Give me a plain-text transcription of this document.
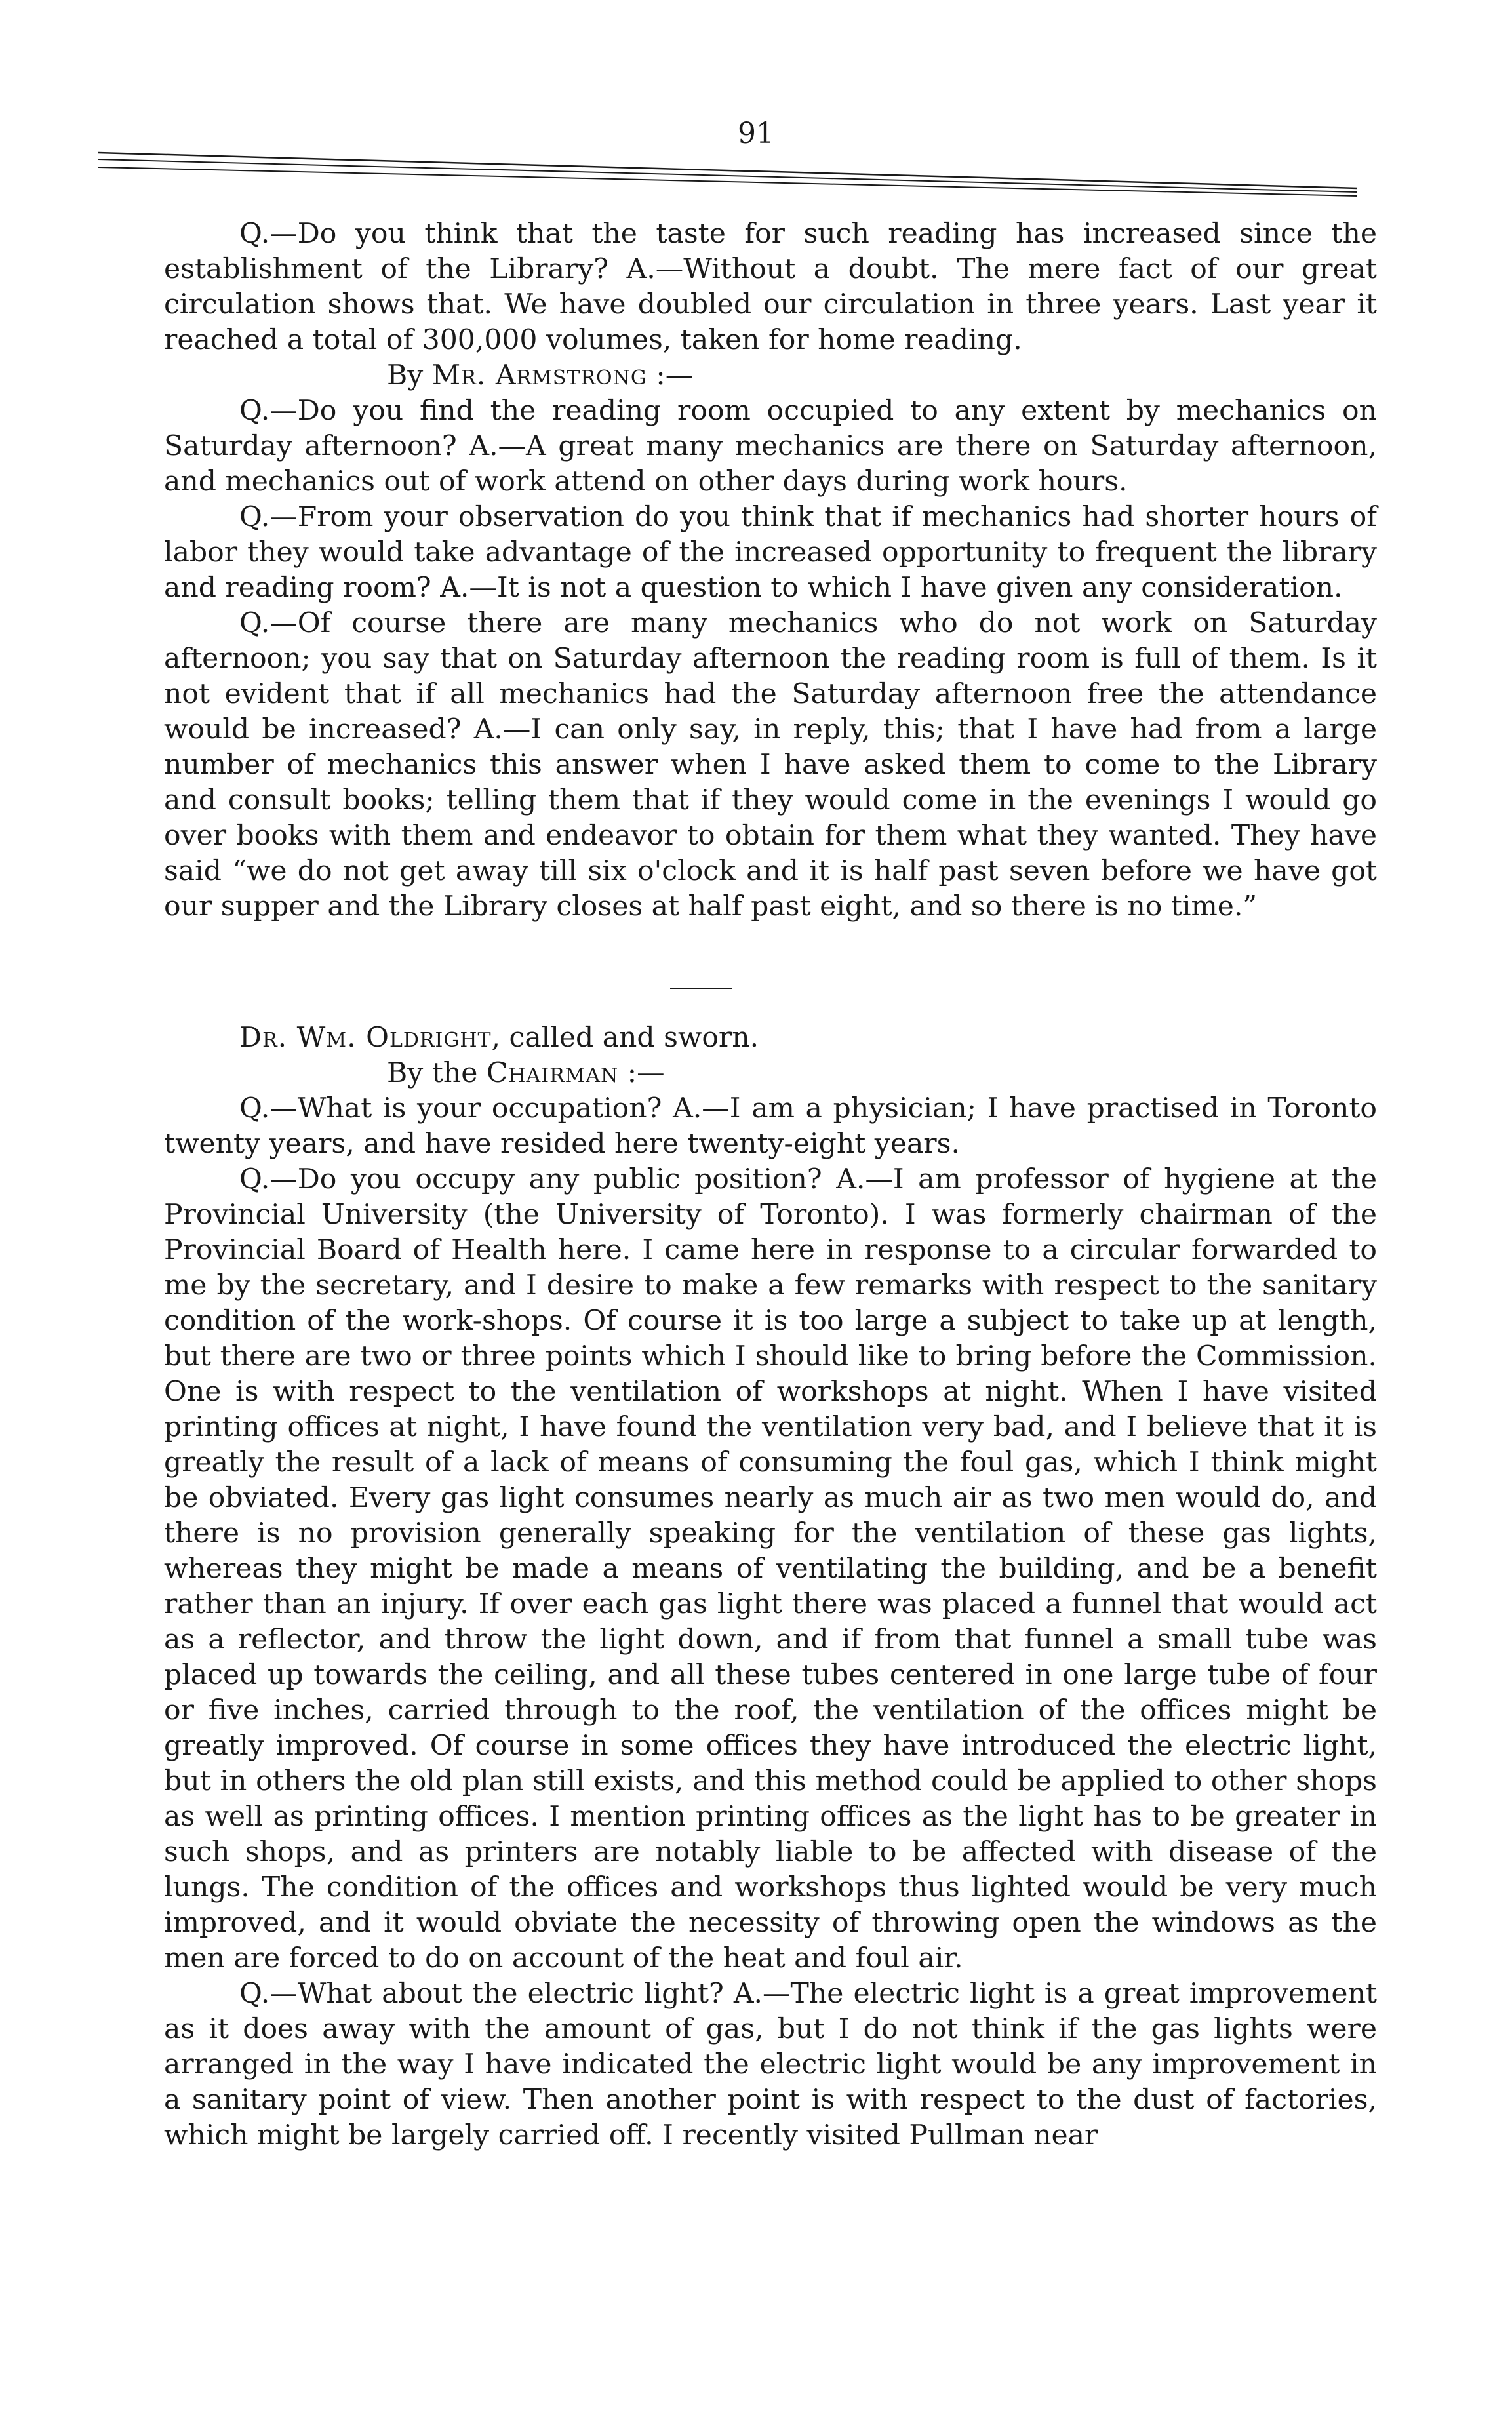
91

Q.—Do you think that the taste for such reading has increased since the establishment of the Library? A.—Without a doubt. The mere fact of our great circulation shows that. We have doubled our circulation in three years. Last year it reached a total of 300,000 volumes, taken for home reading.

By Mr. Armstrong :—

Q.—Do you find the reading room occupied to any extent by mechanics on Saturday afternoon? A.—A great many mechanics are there on Saturday afternoon, and mechanics out of work attend on other days during work hours.

Q.—From your observation do you think that if mechanics had shorter hours of labor they would take advantage of the increased opportunity to frequent the library and reading room? A.—It is not a question to which I have given any consideration.

Q.—Of course there are many mechanics who do not work on Saturday afternoon; you say that on Saturday afternoon the reading room is full of them. Is it not evident that if all mechanics had the Saturday afternoon free the attendance would be increased? A.—I can only say, in reply, this; that I have had from a large number of mechanics this answer when I have asked them to come to the Library and consult books; telling them that if they would come in the evenings I would go over books with them and endeavor to obtain for them what they wanted. They have said “we do not get away till six o'clock and it is half past seven before we have got our supper and the Library closes at half past eight, and so there is no time.”

Dr. Wm. Oldright, called and sworn.

By the Chairman :—

Q.—What is your occupation? A.—I am a physician; I have practised in Toronto twenty years, and have resided here twenty-eight years.

Q.—Do you occupy any public position? A.—I am professor of hygiene at the Provincial University (the University of Toronto). I was formerly chairman of the Provincial Board of Health here. I came here in response to a circular forwarded to me by the secretary, and I desire to make a few remarks with respect to the sanitary condition of the work-shops. Of course it is too large a subject to take up at length, but there are two or three points which I should like to bring before the Commission. One is with respect to the ventilation of workshops at night. When I have visited printing offices at night, I have found the ventilation very bad, and I believe that it is greatly the result of a lack of means of consuming the foul gas, which I think might be obviated. Every gas light consumes nearly as much air as two men would do, and there is no provision generally speaking for the ventilation of these gas lights, whereas they might be made a means of ventilating the building, and be a benefit rather than an injury. If over each gas light there was placed a funnel that would act as a reflector, and throw the light down, and if from that funnel a small tube was placed up towards the ceiling, and all these tubes centered in one large tube of four or five inches, carried through to the roof, the ventilation of the offices might be greatly improved. Of course in some offices they have introduced the electric light, but in others the old plan still exists, and this method could be applied to other shops as well as printing offices. I mention printing offices as the light has to be greater in such shops, and as printers are notably liable to be affected with disease of the lungs. The condition of the offices and workshops thus lighted would be very much improved, and it would obviate the necessity of throwing open the windows as the men are forced to do on account of the heat and foul air.

Q.—What about the electric light? A.—The electric light is a great improvement as it does away with the amount of gas, but I do not think if the gas lights were arranged in the way I have indicated the electric light would be any improvement in a sanitary point of view. Then another point is with respect to the dust of factories, which might be largely carried off. I recently visited Pullman near
